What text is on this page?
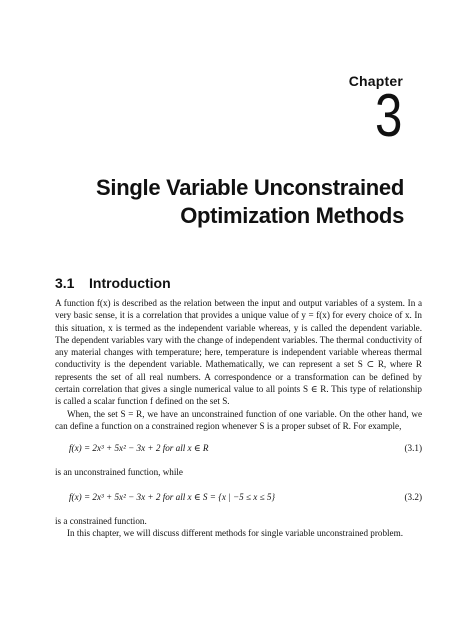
Chapter
3
Single Variable Unconstrained
Optimization Methods
3.1 Introduction

A function f(x) is described as the relation between the input and output variables of a system. In a very basic sense, it is a correlation that provides a unique value of y = f(x) for every choice of x. In this situation, x is termed as the independent variable whereas, y is called the dependent variable. The dependent variables vary with the change of independent variables. The thermal conductivity of any material changes with temperature; here, temperature is independent variable whereas thermal conductivity is the dependent variable. Mathematically, we can represent a set S ⊂ R, where R represents the set of all real numbers. A correspondence or a transformation can be defined by certain correlation that gives a single numerical value to all points S ∈ R. This type of relationship is called a scalar function f defined on the set S.

When, the set S = R, we have an unconstrained function of one variable. On the other hand, we can define a function on a constrained region whenever S is a proper subset of R. For example,

f(x) = 2x³ + 5x² − 3x + 2 for all x ∈ R	(3.1)

is an unconstrained function, while

f(x) = 2x³ + 5x² − 3x + 2 for all x ∈ S = {x | −5 ≤ x ≤ 5}	(3.2)

is a constrained function.

In this chapter, we will discuss different methods for single variable unconstrained problem.
